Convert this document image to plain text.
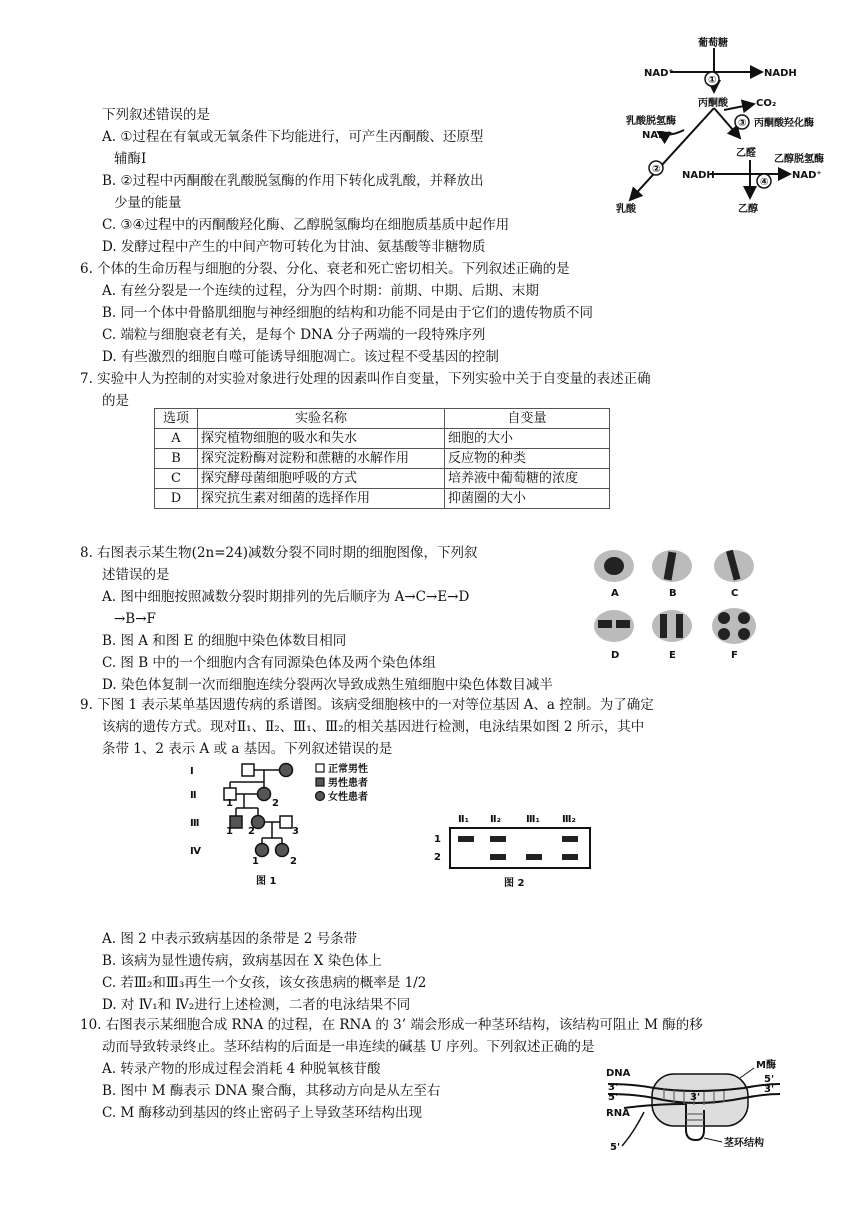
下列叙述错误的是
A. ①过程在有氧或无氧条件下均能进行，可产生丙酮酸、还原型
辅酶Ⅰ
B. ②过程中丙酮酸在乳酸脱氢酶的作用下转化成乳酸，并释放出
少量的能量
C. ③④过程中的丙酮酸羟化酶、乙醇脱氢酶均在细胞质基质中起作用
D. 发酵过程中产生的中间产物可转化为甘油、氨基酸等非糖物质
葡萄糖
NAD⁺
①
NADH
丙酮酸	CO₂
乳酸脱氢酶	③ 丙酮酸羟化酶
NAD⁺
②
乙醛
乙醇脱氢酶
NADH
④
NAD⁺
乳酸	乙醇
6. 个体的生命历程与细胞的分裂、分化、衰老和死亡密切相关。下列叙述正确的是
A. 有丝分裂是一个连续的过程，分为四个时期：前期、中期、后期、末期
B. 同一个体中骨骼肌细胞与神经细胞的结构和功能不同是由于它们的遗传物质不同
C. 端粒与细胞衰老有关，是每个 DNA 分子两端的一段特殊序列
D. 有些激烈的细胞自噬可能诱导细胞凋亡。该过程不受基因的控制
7. 实验中人为控制的对实验对象进行处理的因素叫作自变量，下列实验中关于自变量的表述正确
的是
选项	实验名称	自变量
A	探究植物细胞的吸水和失水	细胞的大小
B	探究淀粉酶对淀粉和蔗糖的水解作用	反应物的种类
C	探究酵母菌细胞呼吸的方式	培养液中葡萄糖的浓度
D	探究抗生素对细菌的选择作用	抑菌圈的大小
8. 右图表示某生物(2n=24)减数分裂不同时期的细胞图像，下列叙
述错误的是
A. 图中细胞按照减数分裂时期排列的先后顺序为 A→C→E→D
→B→F
B. 图 A 和图 E 的细胞中染色体数目相同
C. 图 B 中的一个细胞内含有同源染色体及两个染色体组
D. 染色体复制一次而细胞连续分裂两次导致成熟生殖细胞中染色体数目减半
A	B	C
D	E	F
9. 下图 1 表示某单基因遗传病的系谱图。该病受细胞核中的一对等位基因 A、a 控制。为了确定
该病的遗传方式。现对Ⅱ₁、Ⅱ₂、Ⅲ₁、Ⅲ₂的相关基因进行检测，电泳结果如图 2 所示，其中
条带 1、2 表示 A 或 a 基因。下列叙述错误的是
Ⅰ
Ⅱ
Ⅲ
Ⅳ
1	2
1 2	3
1	2
正常男性
男性患者
女性患者
图 1
Ⅱ₁ Ⅱ₂	Ⅲ₁ Ⅲ₂
1
2
图 2
A. 图 2 中表示致病基因的条带是 2 号条带
B. 该病为显性遗传病，致病基因在 X 染色体上
C. 若Ⅲ₂和Ⅲ₃再生一个女孩，该女孩患病的概率是 1/2
D. 对 Ⅳ₁和 Ⅳ₂进行上述检测，二者的电泳结果不同
10. 右图表示某细胞合成 RNA 的过程，在 RNA 的 3’ 端会形成一种茎环结构，该结构可阻止 M 酶的移
动而导致转录终止。茎环结构的后面是一串连续的碱基 U 序列。下列叙述正确的是
A. 转录产物的形成过程会消耗 4 种脱氧核苷酸
B. 图中 M 酶表示 DNA 聚合酶，其移动方向是从左至右
C. M 酶移动到基因的终止密码子上导致茎环结构出现
DNA
M酶
3'
5'
5'
3'
3'
RNA
5'	茎环结构
